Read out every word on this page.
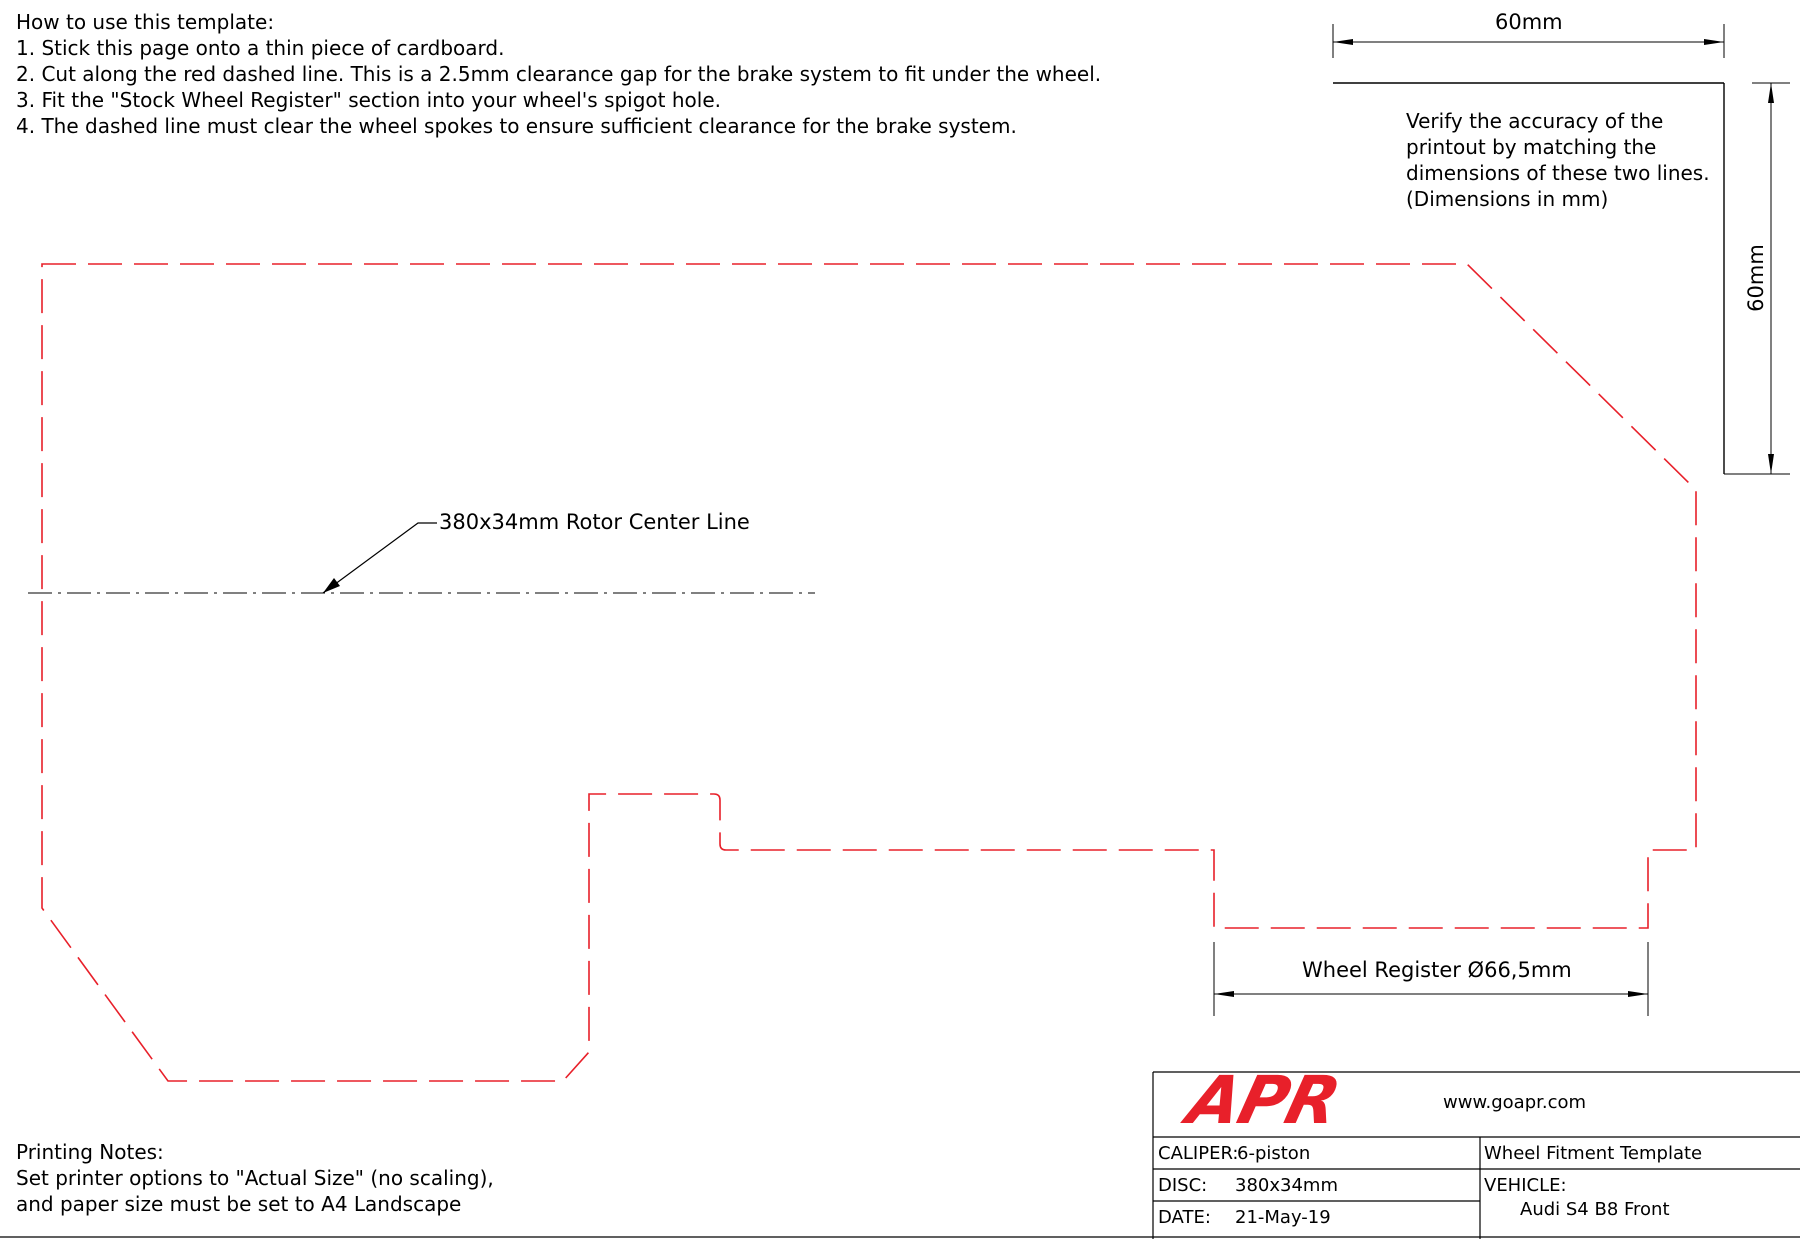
How to use this template:
1. Stick this page onto a thin piece of cardboard.
2. Cut along the red dashed line. This is a 2.5mm clearance gap for the brake system to fit under the wheel.
3. Fit the "Stock Wheel Register" section into your wheel's spigot hole.
4. The dashed line must clear the wheel spokes to ensure sufficient clearance for the brake system.
60mm
60mm
Verify the accuracy of the printout by matching the dimensions of these two lines. (Dimensions in mm)
380x34mm Rotor Center Line
Wheel Register Ø66,5mm
Printing Notes:
Set printer options to "Actual Size" (no scaling),
and paper size must be set to A4 Landscape
APR	www.goapr.com
CALIPER:
6-piston
DISC: 380x34mm
DATE: 21-May-19
Wheel Fitment Template
VEHICLE:
Audi S4 B8 Front
